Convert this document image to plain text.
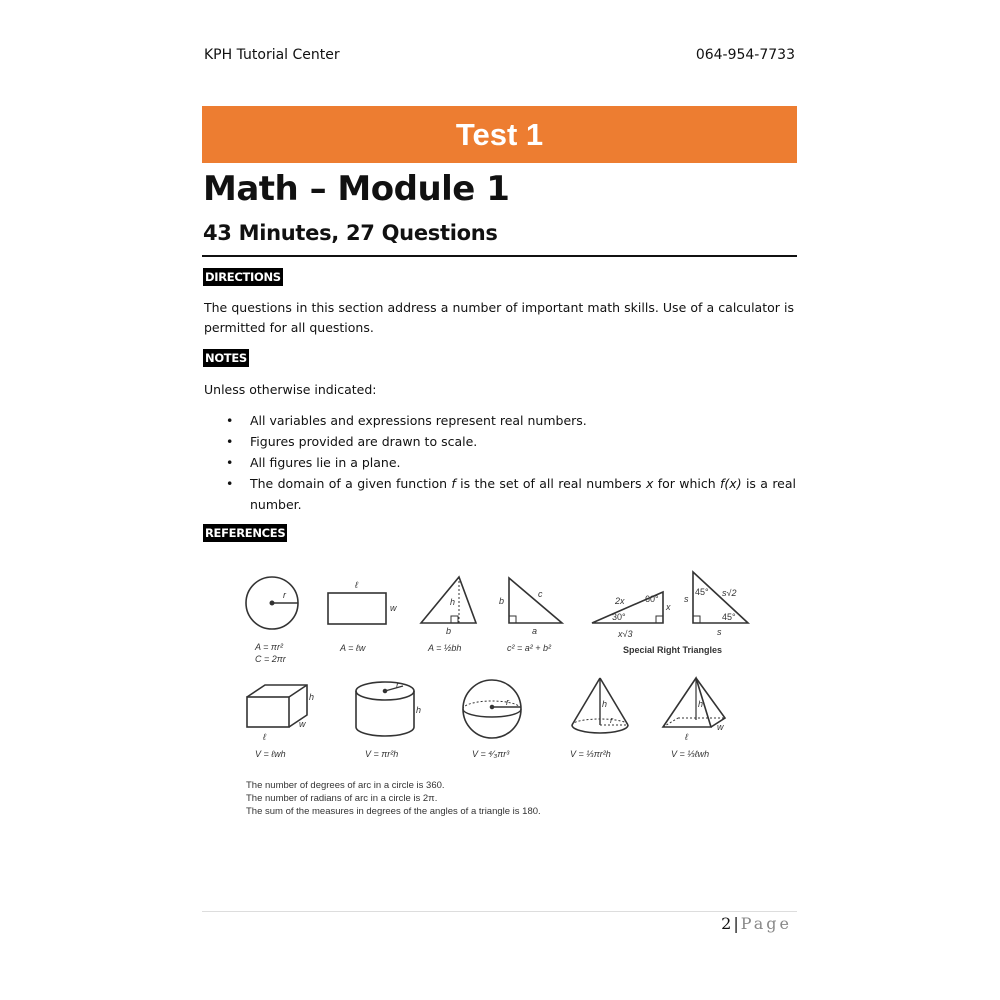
KPH Tutorial Center	064-954-7733
Test 1
Math – Module 1
43 Minutes, 27 Questions
DIRECTIONS
The questions in this section address a number of important math skills. Use of a calculator is permitted for all questions.
NOTES
Unless otherwise indicated:
• All variables and expressions represent real numbers.
• Figures provided are drawn to scale.
• All figures lie in a plane.
• The domain of a given function f is the set of all real numbers x for which f(x) is a real number.
REFERENCES
r
A = πr²
C = 2πr
ℓ
w
A = ℓw
h
b
A = ½bh
b
c
a
c² = a² + b²
2x 60°
x
30°
x√3
s
45° s√2
45°
s
Special Right Triangles
h
w
ℓ
V = ℓwh
r
h
V = πr²h
r
V = ⁴⁄₃πr³
h
r
V = ⅓πr²h
h
ℓ
w
V = ⅓ℓwh
The number of degrees of arc in a circle is 360.
The number of radians of arc in a circle is 2π.
The sum of the measures in degrees of the angles of a triangle is 180.
2 | Page
